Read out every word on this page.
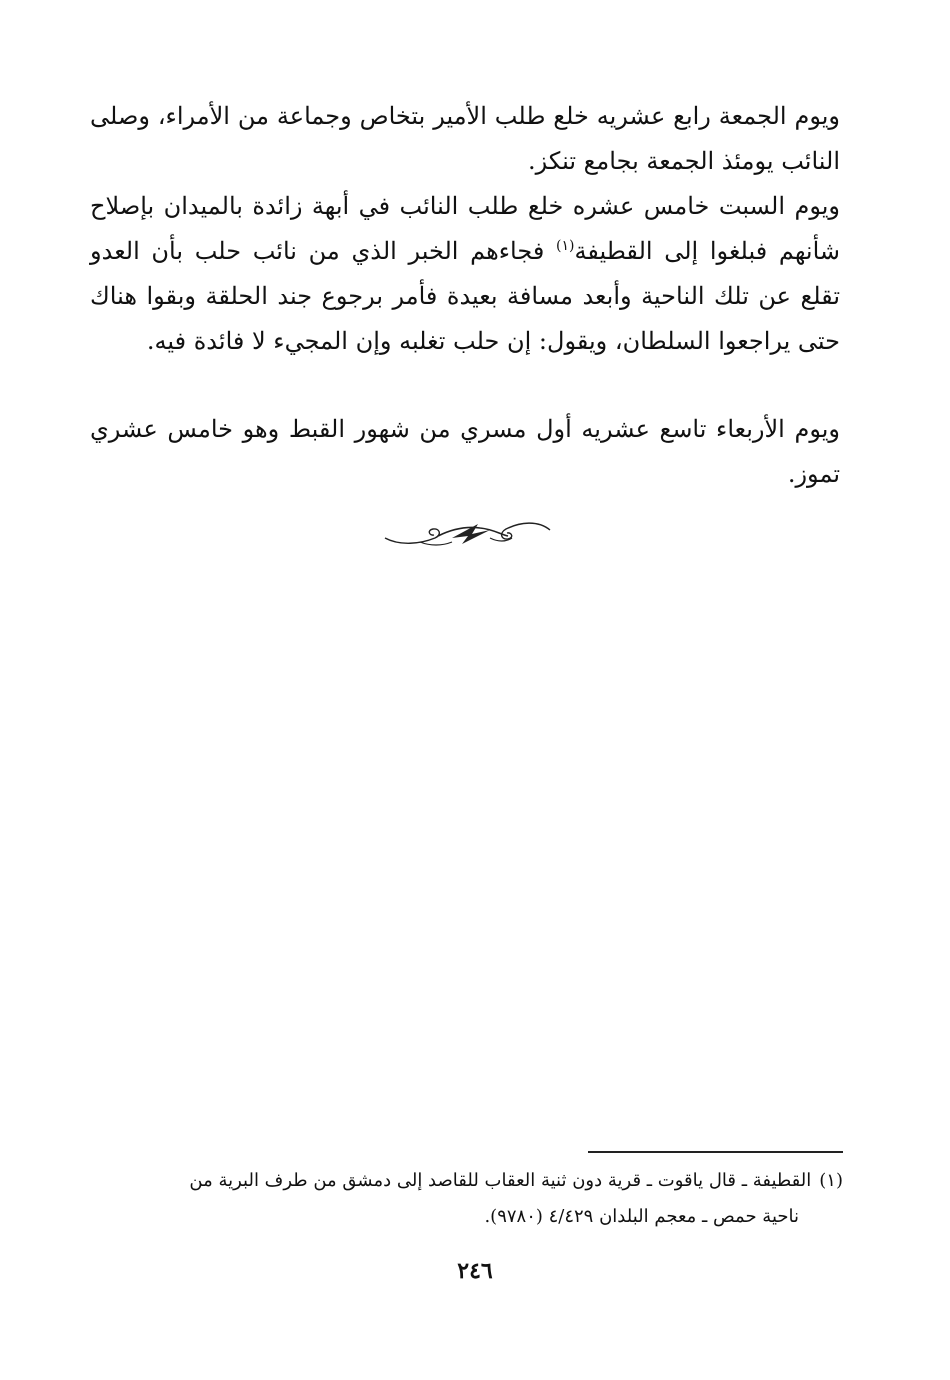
ويوم الجمعة رابع عشريه خلع طلب الأمير بتخاص وجماعة من الأمراء، وصلى النائب يومئذ الجمعة بجامع تنكز.

ويوم السبت خامس عشره خلع طلب النائب في أبهة زائدة بالميدان بإصلاح شأنهم فبلغوا إلى القطيفة$^{(١)}$ فجاءهم الخبر الذي من نائب حلب بأن العدو تقلع عن تلك الناحية وأبعد مسافة بعيدة فأمر برجوع جند الحلقة وبقوا هناك حتى يراجعوا السلطان، ويقول: إن حلب تغلبه وإن المجيء لا فائدة فيه.

ويوم الأربعاء تاسع عشريه أول مسري من شهور القبط وهو خامس عشري تموز.

(١)القطيفة ـ قال ياقوت ـ قرية دون ثنية العقاب للقاصد إلى دمشق من طرف البرية من
ناحية حمص ـ معجم البلدان ٤/٤٢٩ (٩٧٨٠).
٢٤٦
